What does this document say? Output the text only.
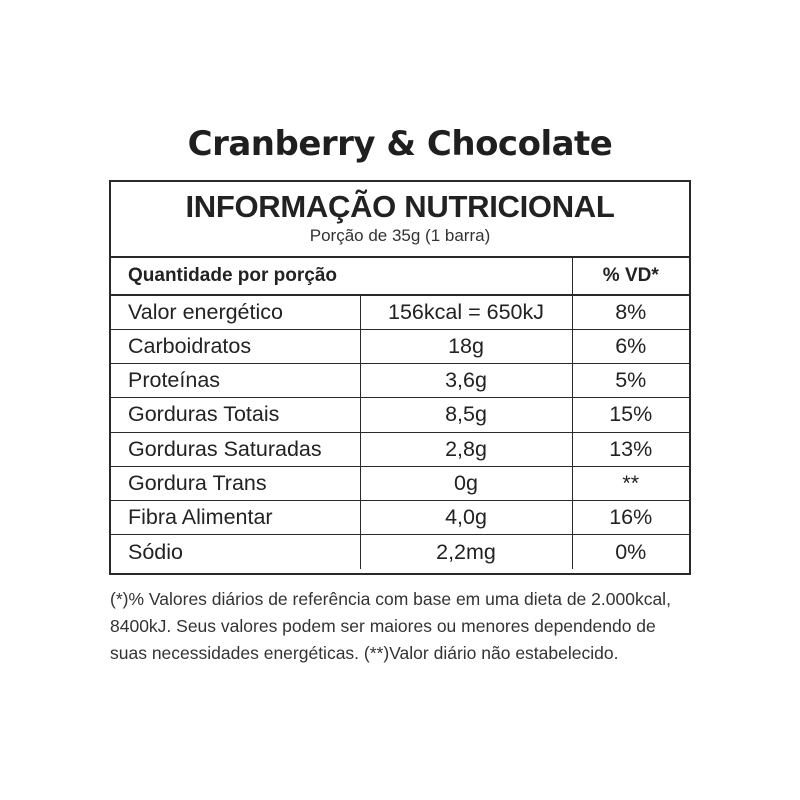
Cranberry & Chocolate
INFORMAÇÃO NUTRICIONAL
Porção de 35g (1 barra)
Quantidade por porção		% VD*
Valor energético	156kcal = 650kJ	8%
Carboidratos	18g	6%
Proteínas	3,6g	5%
Gorduras Totais	8,5g	15%
Gorduras Saturadas	2,8g	13%
Gordura Trans	0g	**
Fibra Alimentar	4,0g	16%
Sódio	2,2mg	0%
(*)% Valores diários de referência com base em uma dieta de 2.000kcal,
8400kJ. Seus valores podem ser maiores ou menores dependendo de
suas necessidades energéticas. (**)Valor diário não estabelecido.
